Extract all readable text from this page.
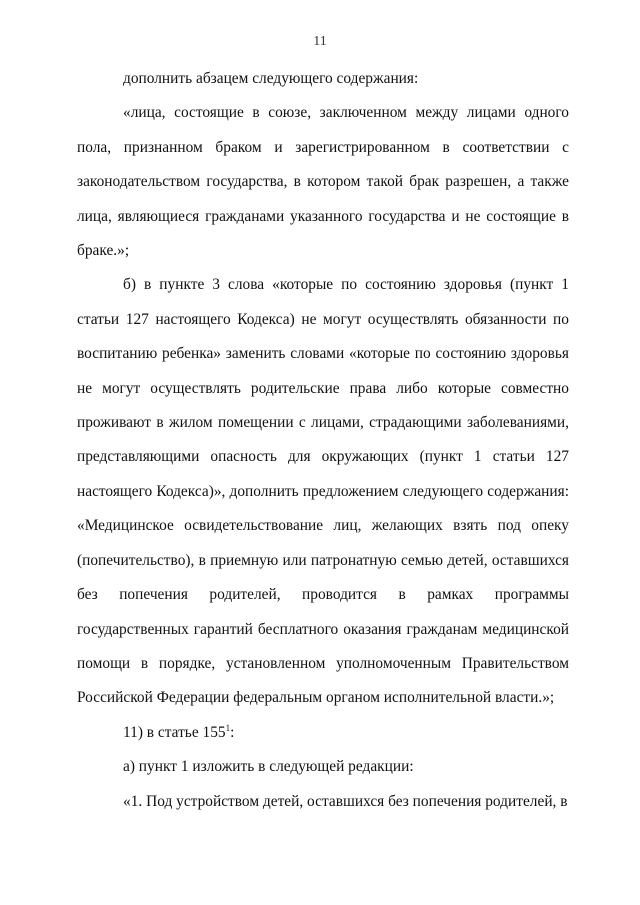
11

дополнить абзацем следующего содержания:

«лица, состоящие в союзе, заключенном между лицами одного пола, признанном браком и зарегистрированном в соответствии с законодательством государства, в котором такой брак разрешен, а также лица, являющиеся гражданами указанного государства и не состоящие в браке.»;

б) в пункте 3 слова «которые по состоянию здоровья (пункт 1 статьи 127 настоящего Кодекса) не могут осуществлять обязанности по воспитанию ребенка» заменить словами «которые по состоянию здоровья не могут осуществлять родительские права либо которые совместно проживают в жилом помещении с лицами, страдающими заболеваниями, представляющими опасность для окружающих (пункт 1 статьи 127 настоящего Кодекса)», дополнить предложением следующего содержания: «Медицинское освидетельствование лиц, желающих взять под опеку (попечительство), в приемную или патронатную семью детей, оставшихся без попечения родителей, проводится в рамках программы государственных гарантий бесплатного оказания гражданам медицинской помощи в порядке, установленном уполномоченным Правительством Российской Федерации федеральным органом исполнительной власти.»;

11) в статье $155^1$:

а) пункт 1 изложить в следующей редакции:

«1. Под устройством детей, оставшихся без попечения родителей, в
